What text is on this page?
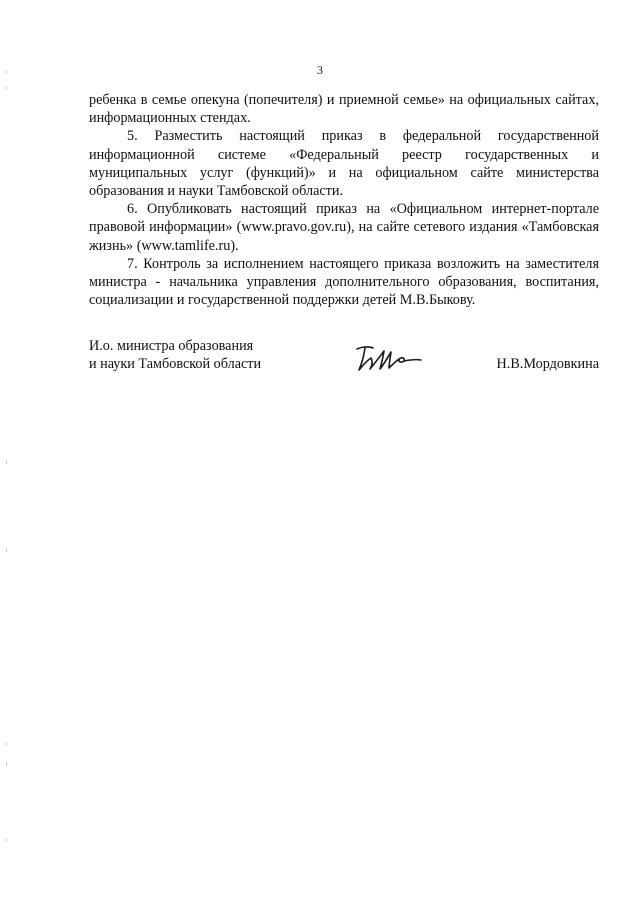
3

ребенка в семье опекуна (попечителя) и приемной семье» на официальных сайтах, информационных стендах.

5. Разместить настоящий приказ в федеральной государственной информационной системе «Федеральный реестр государственных и муниципальных услуг (функций)» и на официальном сайте министерства образования и науки Тамбовской области.

6. Опубликовать настоящий приказ на «Официальном интернет-портале правовой информации» (www.pravo.gov.ru), на сайте сетевого издания «Тамбовская жизнь» (www.tamlife.ru).

7. Контроль за исполнением настоящего приказа возложить на заместителя министра - начальника управления дополнительного образования, воспитания, социализации и государственной поддержки детей М.В.Быкову.

И.о. министра образования
и науки Тамбовской области	Н.В.Мордовкина
